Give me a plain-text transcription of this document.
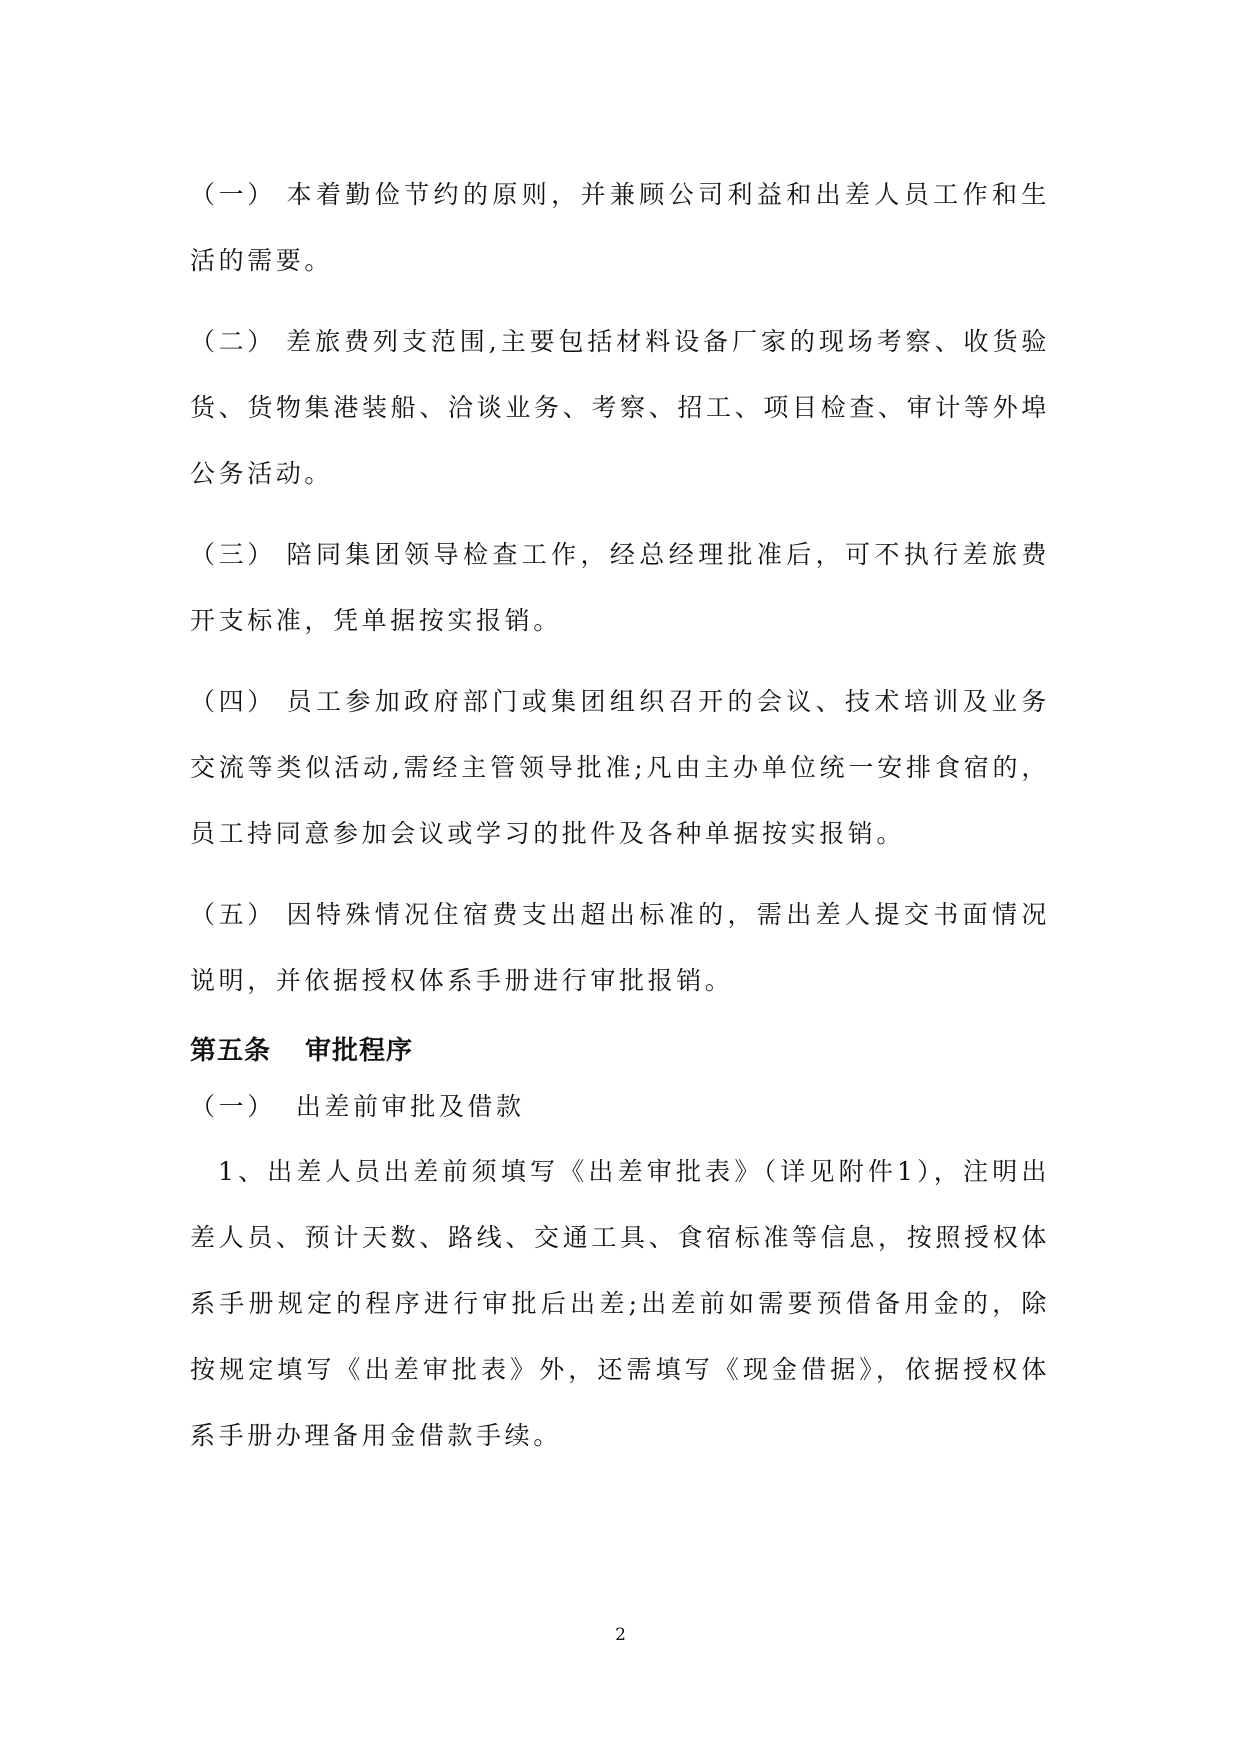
（一） 本着勤俭节约的原则，并兼顾公司利益和出差人员工作和生活的需要。

（二） 差旅费列支范围,主要包括材料设备厂家的现场考察、收货验货、货物集港装船、洽谈业务、考察、招工、项目检查、审计等外埠公务活动。

（三） 陪同集团领导检查工作，经总经理批准后，可不执行差旅费开支标准，凭单据按实报销。

（四） 员工参加政府部门或集团组织召开的会议、技术培训及业务交流等类似活动,需经主管领导批准;凡由主办单位统一安排食宿的，员工持同意参加会议或学习的批件及各种单据按实报销。

（五） 因特殊情况住宿费支出超出标准的，需出差人提交书面情况说明，并依据授权体系手册进行审批报销。

第五条 审批程序

（一） 出差前审批及借款

1、出差人员出差前须填写《出差审批表》（详见附件1），注明出差人员、预计天数、路线、交通工具、食宿标准等信息，按照授权体系手册规定的程序进行审批后出差;出差前如需要预借备用金的，除按规定填写《出差审批表》外，还需填写《现金借据》，依据授权体系手册办理备用金借款手续。

2
